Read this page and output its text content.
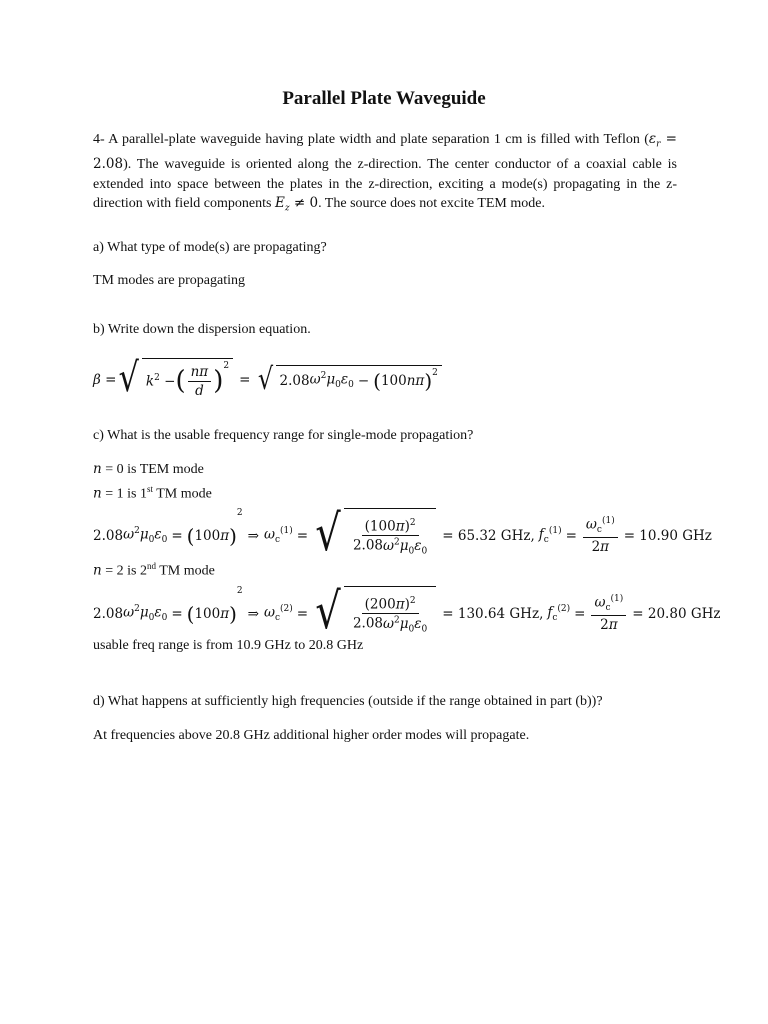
Parallel Plate Waveguide
4- A parallel-plate waveguide having plate width and plate separation 1 cm is filled with Teflon $(\varepsilon_r = 2.08)$. The waveguide is oriented along the z-direction. The center conductor of a coaxial cable is extended into space between the plates in the z-direction, exciting a mode(s) propagating in the z-direction with field components $E_z \ne 0$. The source does not excite TEM mode.
a) What type of mode(s) are propagating?
TM modes are propagating
b) Write down the dispersion equation.
β = √ $k^2$ − ( $\frac{n\pi}{d} )^2$
= √ 2.08 $\omega^2\mu_0\varepsilon_0$ − ( 100 nπ )$^2$
c) What is the usable frequency range for single-mode propagation?
n = 0 is TEM mode
n = 1 is 1st TM mode
2.08 $\omega^2\mu_0\varepsilon_0$ = ( 100 π )
2
⇒ $\omega_c^{(1)}$ = √ $\frac{(100\pi)^2}{2.08\omega^2\mu_0\varepsilon_0} = 65.32$ GHz, $f_c^{(1)} = \frac{\omega_c^{(1)}}{2\pi} = 10.90$ GHz
n = 2 is 2nd TM mode
2.08 $\omega^2\mu_0\varepsilon_0$ = ( 100 π )
2
⇒ $\omega_c^{(2)}$ = √ $\frac{(200\pi)^2}{2.08\omega^2\mu_0\varepsilon_0} = 130.64$ GHz, $f_c^{(2)} = \frac{\omega_c^{(1)}}{2\pi} = 20.80$ GHz
usable freq range is from 10.9 GHz to 20.8 GHz
d) What happens at sufficiently high frequencies (outside if the range obtained in part (b))?
At frequencies above 20.8 GHz additional higher order modes will propagate.
